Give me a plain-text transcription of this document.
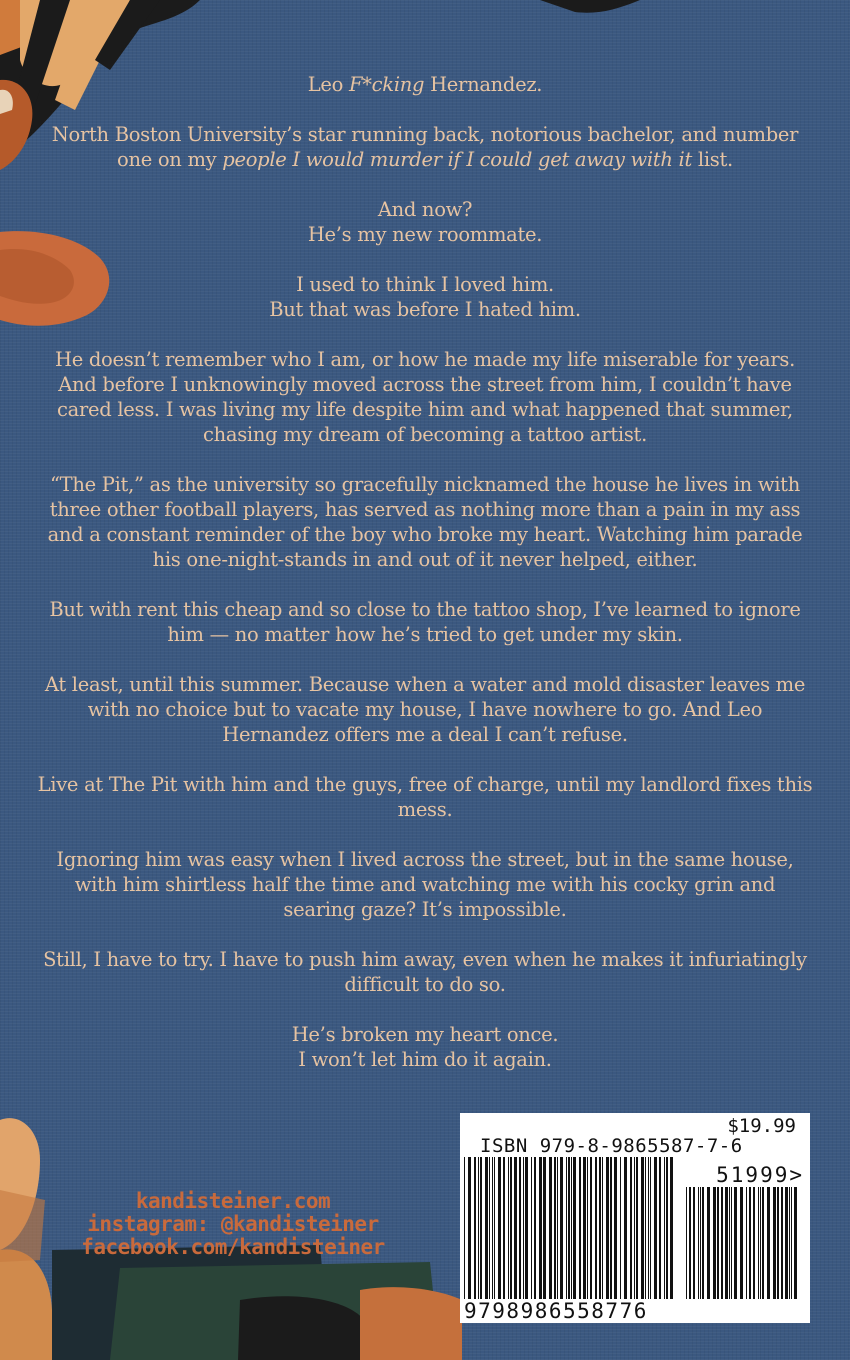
Leo F*cking Hernandez.

North Boston University’s star running back, notorious bachelor, and number
one on my people I would murder if I could get away with it list.

And now?
He’s my new roommate.

I used to think I loved him.
But that was before I hated him.

He doesn’t remember who I am, or how he made my life miserable for years.
And before I unknowingly moved across the street from him, I couldn’t have
cared less. I was living my life despite him and what happened that summer,
chasing my dream of becoming a tattoo artist.

“The Pit,” as the university so gracefully nicknamed the house he lives in with
three other football players, has served as nothing more than a pain in my ass
and a constant reminder of the boy who broke my heart. Watching him parade
his one-night-stands in and out of it never helped, either.

But with rent this cheap and so close to the tattoo shop, I’ve learned to ignore
him — no matter how he’s tried to get under my skin.

At least, until this summer. Because when a water and mold disaster leaves me
with no choice but to vacate my house, I have nowhere to go. And Leo
Hernandez offers me a deal I can’t refuse.

Live at The Pit with him and the guys, free of charge, until my landlord fixes this
mess.

Ignoring him was easy when I lived across the street, but in the same house,
with him shirtless half the time and watching me with his cocky grin and
searing gaze? It’s impossible.

Still, I have to try. I have to push him away, even when he makes it infuriatingly
difficult to do so.

He’s broken my heart once.
I won’t let him do it again.

kandisteiner.com
instagram: @kandisteiner
facebook.com/kandisteiner
$19.99
ISBN 979-8-9865587-7-6
51999>
9798986558776
